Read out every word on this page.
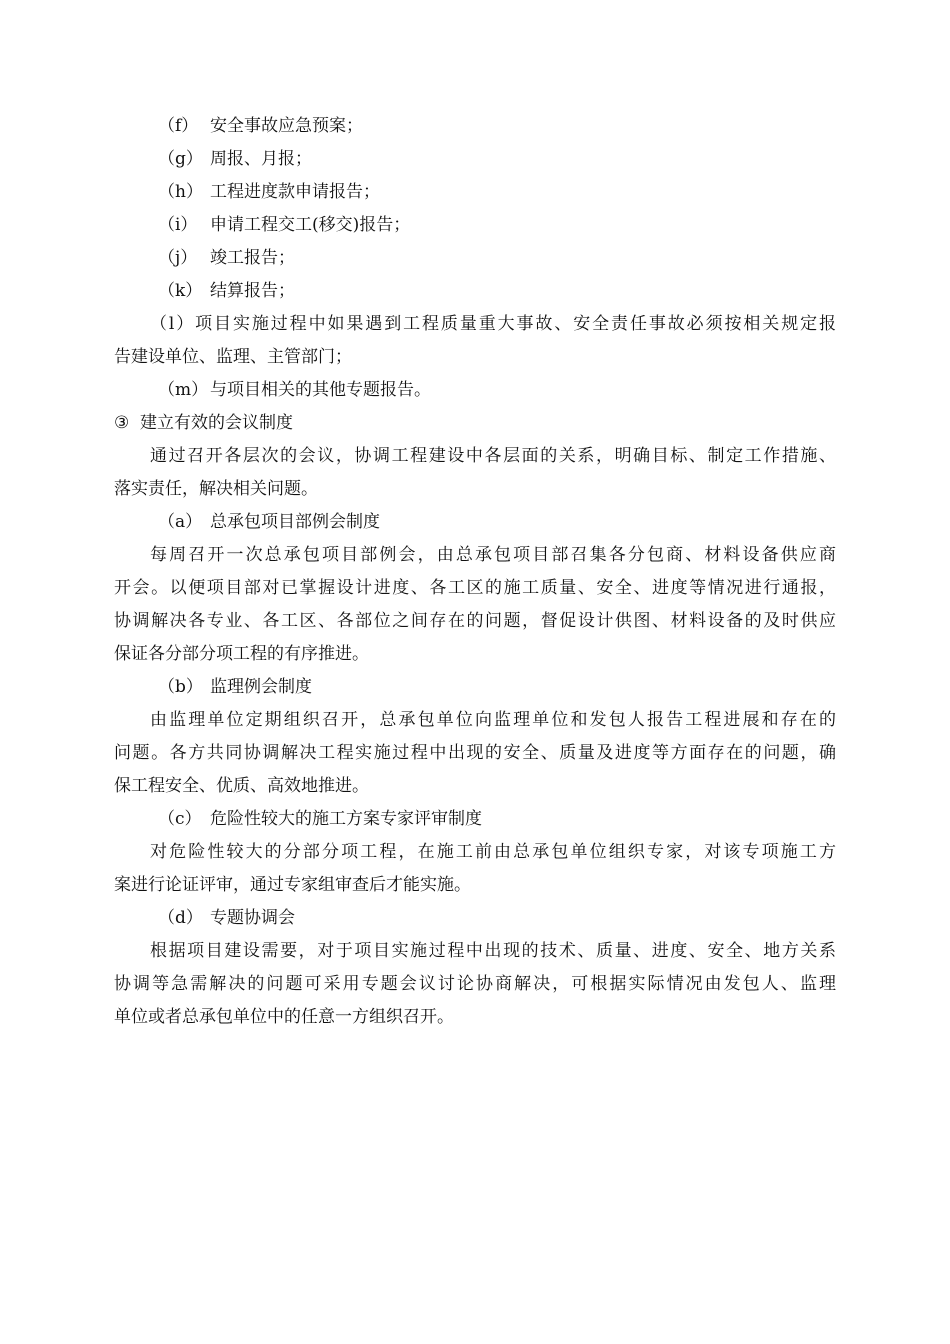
（f） 安全事故应急预案；
（g） 周报、月报；
（h） 工程进度款申请报告；
（i） 申请工程交工(移交)报告；
（j） 竣工报告；
（k） 结算报告；
（l）项目实施过程中如果遇到工程质量重大事故、安全责任事故必须按相关规定报
告建设单位、监理、主管部门；
（m） 与项目相关的其他专题报告。
③ 建立有效的会议制度
通过召开各层次的会议，协调工程建设中各层面的关系，明确目标、制定工作措施、
落实责任，解决相关问题。
（a） 总承包项目部例会制度
每周召开一次总承包项目部例会，由总承包项目部召集各分包商、材料设备供应商
开会。以便项目部对已掌握设计进度、各工区的施工质量、安全、进度等情况进行通报，
协调解决各专业、各工区、各部位之间存在的问题，督促设计供图、材料设备的及时供应
保证各分部分项工程的有序推进。
（b） 监理例会制度
由监理单位定期组织召开，总承包单位向监理单位和发包人报告工程进展和存在的
问题。各方共同协调解决工程实施过程中出现的安全、质量及进度等方面存在的问题，确
保工程安全、优质、高效地推进。
（c） 危险性较大的施工方案专家评审制度
对危险性较大的分部分项工程，在施工前由总承包单位组织专家，对该专项施工方
案进行论证评审，通过专家组审查后才能实施。
（d） 专题协调会
根据项目建设需要，对于项目实施过程中出现的技术、质量、进度、安全、地方关系
协调等急需解决的问题可采用专题会议讨论协商解决，可根据实际情况由发包人、监理
单位或者总承包单位中的任意一方组织召开。
